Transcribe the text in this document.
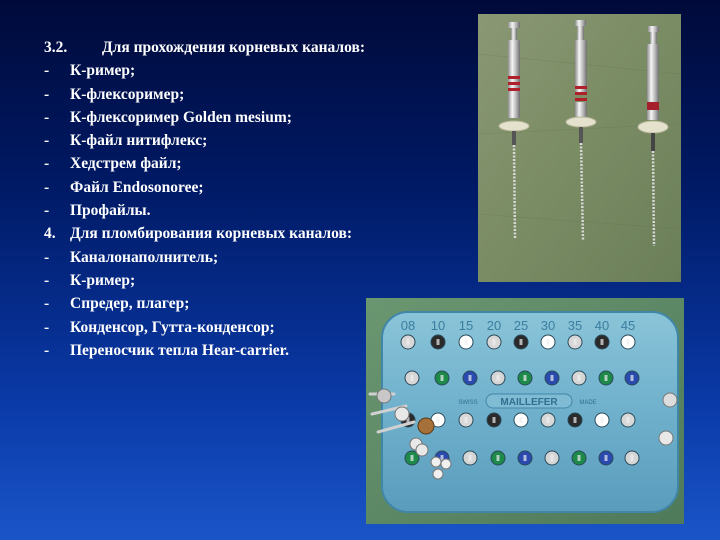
3.2.	Для прохождения корневых каналов:
-	К-ример;
-	К-флексоример;
-	К-флексоример Golden mesium;
-	К-файл нитифлекс;
-	Хедстрем файл;
-	Файл Endosonoree;
-	Профайлы.
4. Для пломбирования корневых каналов:
-	Каналонаполнитель;
-	К-ример;
-	Спредер, плагер;
-	Конденсор, Гутта-конденсор;
-	Переносчик тепла Hear-carrier.
08 10 15 20 25 30 35 40 45
SWISS MAILLEFER	MADE
